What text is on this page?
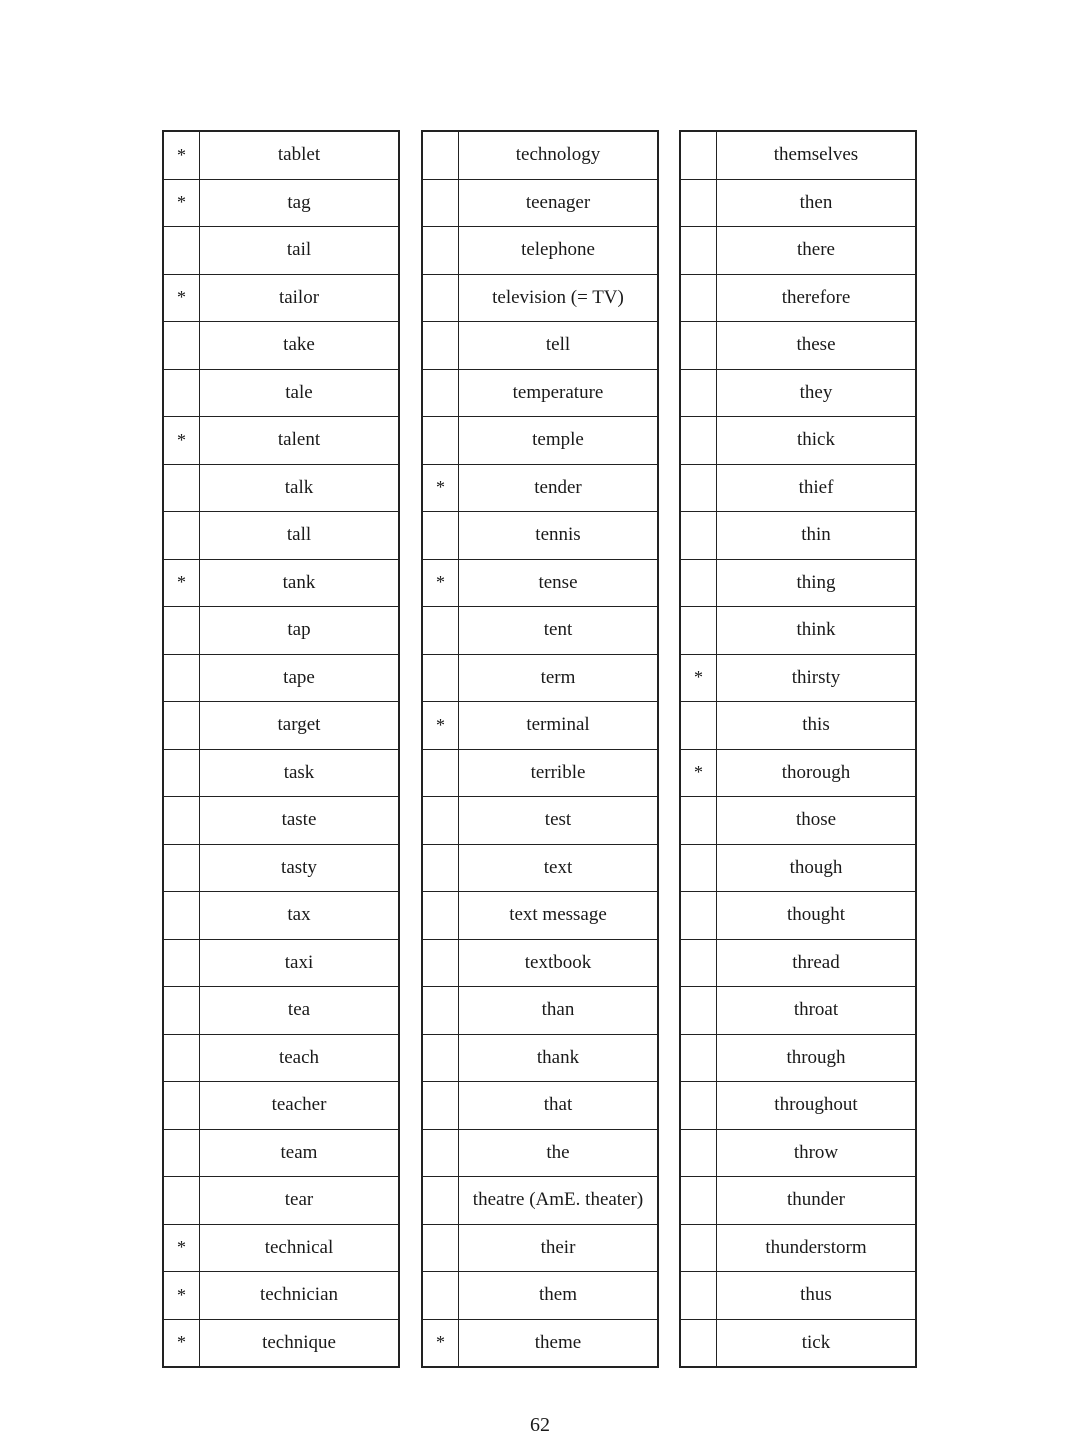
*	tablet
*	tag
	tail
*	tailor
	take
	tale
*	talent
	talk
	tall
*	tank
	tap
	tape
	target
	task
	taste
	tasty
	tax
	taxi
	tea
	teach
	teacher
	team
	tear
*	technical
*	technician
*	technique
	technology
	teenager
	telephone
	television (= TV)
	tell
	temperature
	temple
*	tender
	tennis
*	tense
	tent
	term
*	terminal
	terrible
	test
	text
	text message
	textbook
	than
	thank
	that
	the
	theatre (AmE. theater)
	their
	them
*	theme
	themselves
	then
	there
	therefore
	these
	they
	thick
	thief
	thin
	thing
	think
*	thirsty
	this
*	thorough
	those
	though
	thought
	thread
	throat
	through
	throughout
	throw
	thunder
	thunderstorm
	thus
	tick
62
